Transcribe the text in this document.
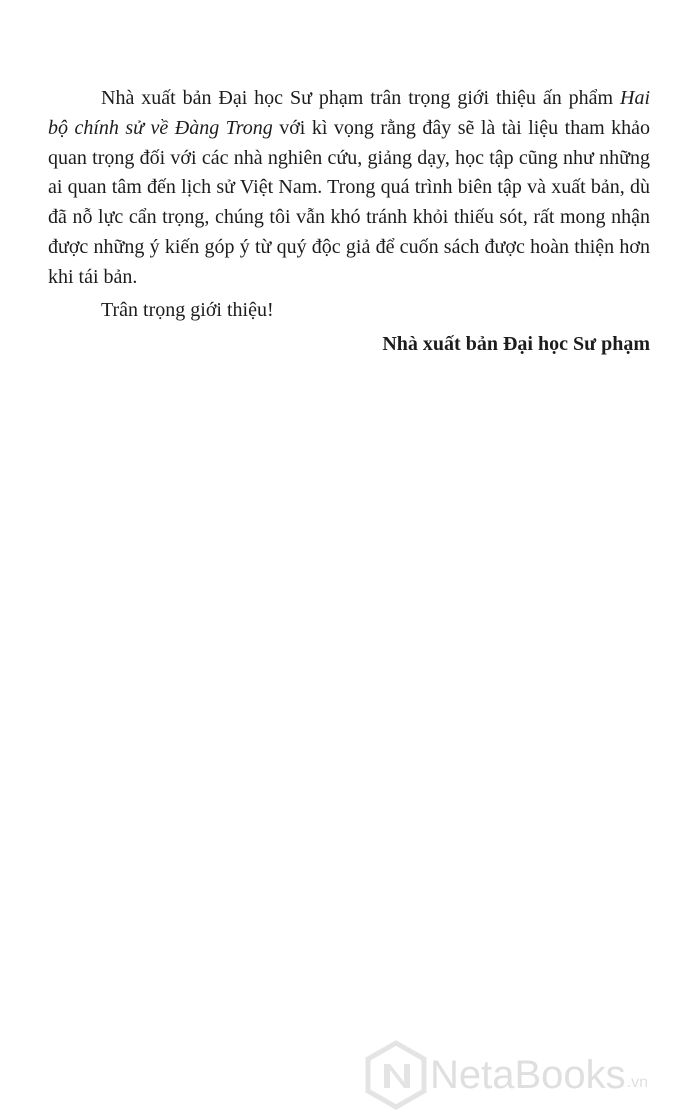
Nhà xuất bản Đại học Sư phạm trân trọng giới thiệu ấn phẩm Hai bộ chính sử về Đàng Trong với kì vọng rằng đây sẽ là tài liệu tham khảo quan trọng đối với các nhà nghiên cứu, giảng dạy, học tập cũng như những ai quan tâm đến lịch sử Việt Nam. Trong quá trình biên tập và xuất bản, dù đã nỗ lực cẩn trọng, chúng tôi vẫn khó tránh khỏi thiếu sót, rất mong nhận được những ý kiến góp ý từ quý độc giả để cuốn sách được hoàn thiện hơn khi tái bản.

Trân trọng giới thiệu!

Nhà xuất bản Đại học Sư phạm

NetaBooks .vn
